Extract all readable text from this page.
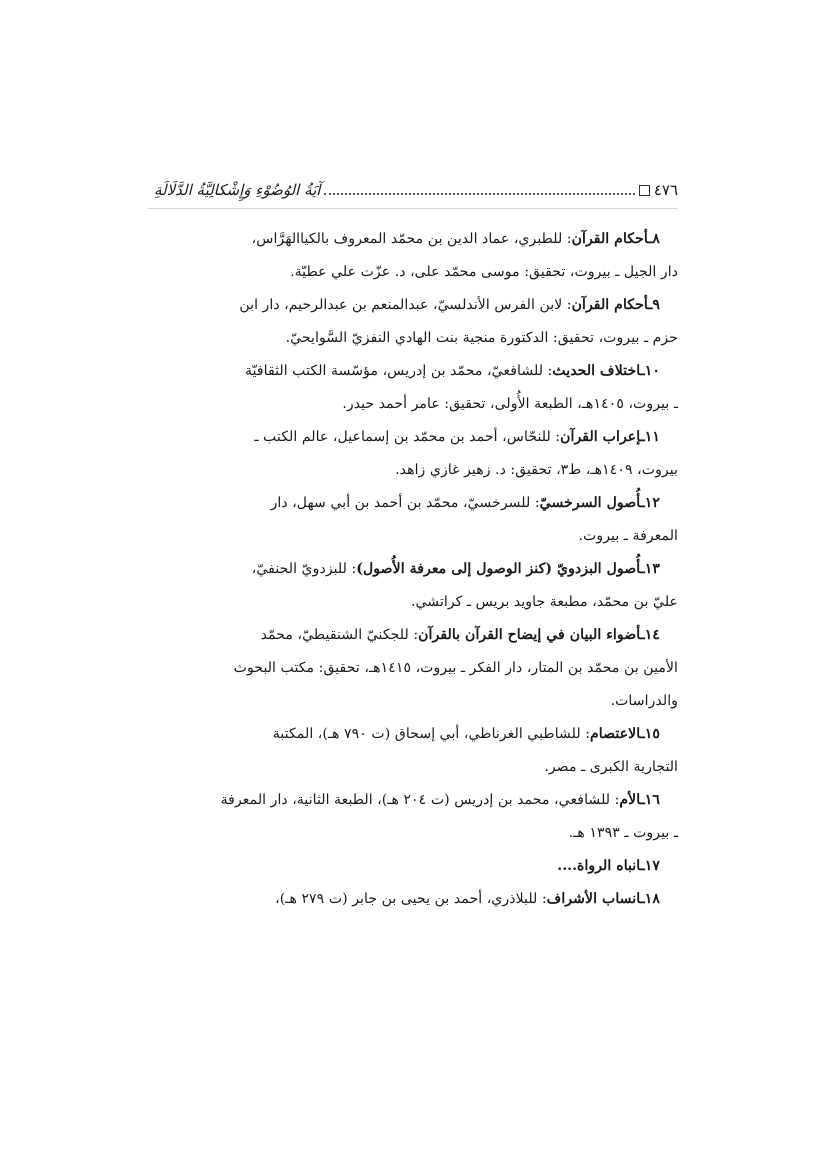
٤٧٦
آيَةُ الوُضُوْءِ وَإِشْكالِيَّةُ الدَّلَالَةِ
٨ـأحكام القرآن: للطبري، عماد الدين بن محمّد المعروف بالكياالهَرَّاس،
دار الجيل ـ بيروت، تحقيق: موسى محمّد على، د. عزّت علي عطيّة.
٩ـأحكام القرآن: لابن الفرس الأندلسيّ، عبدالمنعم بن عبدالرحيم، دار ابن
حزم ـ بيروت، تحقيق: الدكتورة منجية بنت الهادي النفزيّ السَّوايحيّ.
١٠ـاختلاف الحديث: للشافعيّ، محمّد بن إدريس، مؤسّسة الكتب الثقافيّة
ـ بيروت، ١٤٠٥هـ، الطبعة الأُولى، تحقيق: عامر أحمد حيدر.
١١ـإعراب القرآن: للنحّاس، أحمد بن محمّد بن إسماعيل، عالم الكتب ـ
بيروت، ١٤٠٩هـ، ط٣، تحقيق: د. زهير غازي زاهد.
١٢ـأُصول السرخسيّ: للسرخسيّ، محمّد بن أحمد بن أبي سهل، دار
المعرفة ـ بيروت.
١٣ـأُصول البزدويّ (كنز الوصول إلى معرفة الأُصول): للبزدويّ الحنفيّ،
عليّ بن محمّد، مطبعة جاويد بريس ـ كراتشي.
١٤ـأضواء البيان في إيضاح القرآن بالقرآن: للجكنيّ الشنقيطيّ، محمّد
الأمين بن محمّد بن المتار، دار الفكر ـ بيروت، ١٤١٥هـ، تحقيق: مكتب البحوث
والدراسات.
١٥ـالاعتصام: للشاطبي الغرناطي، أبي إسحاق (ت ٧٩٠ هـ)، المكتبة
التجارية الكبرى ـ مصر.
١٦ـالأم: للشافعي، محمد بن إدريس (ت ٢٠٤ هـ)، الطبعة الثانية، دار المعرفة
ـ بيروت ـ ١٣٩٣ هـ.
١٧ـانباه الرواة....
١٨ـانساب الأشراف: للبلاذري، أحمد بن يحيى بن جابر (ت ٢٧٩ هـ)،
